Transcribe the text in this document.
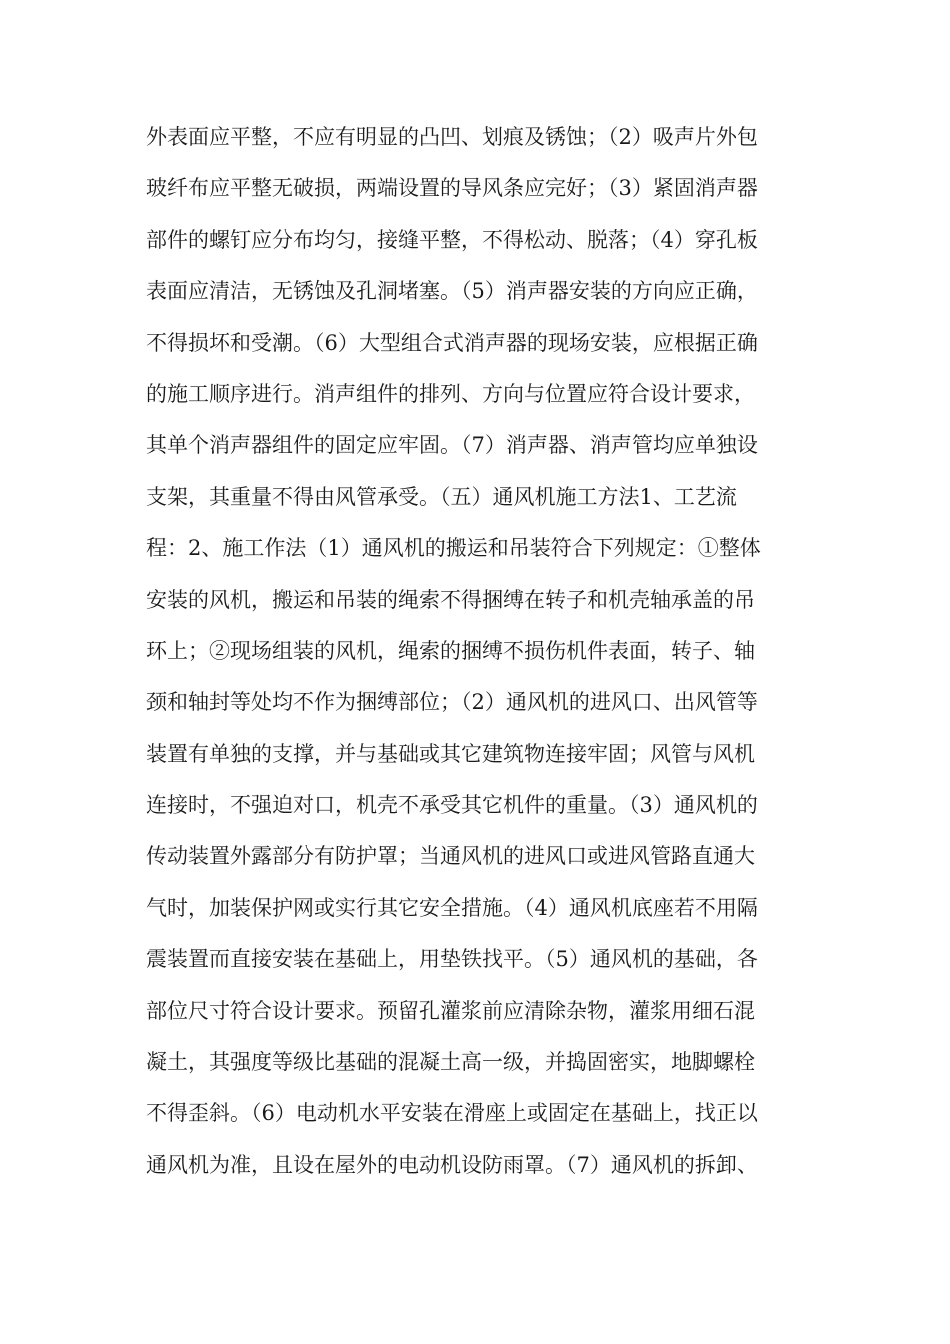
外表面应平整，不应有明显的凸凹、划痕及锈蚀；（2）吸声片外包
玻纤布应平整无破损，两端设置的导风条应完好；（3）紧固消声器
部件的螺钉应分布均匀，接缝平整，不得松动、脱落；（4）穿孔板
表面应清洁，无锈蚀及孔洞堵塞。（5）消声器安装的方向应正确，
不得损坏和受潮。（6）大型组合式消声器的现场安装，应根据正确
的施工顺序进行。消声组件的排列、方向与位置应符合设计要求，
其单个消声器组件的固定应牢固。（7）消声器、消声管均应单独设
支架，其重量不得由风管承受。（五）通风机施工方法1、工艺流
程：2、施工作法（1）通风机的搬运和吊装符合下列规定：①整体
安装的风机，搬运和吊装的绳索不得捆缚在转子和机壳轴承盖的吊
环上；②现场组装的风机，绳索的捆缚不损伤机件表面，转子、轴
颈和轴封等处均不作为捆缚部位；（2）通风机的进风口、出风管等
装置有单独的支撑，并与基础或其它建筑物连接牢固；风管与风机
连接时，不强迫对口，机壳不承受其它机件的重量。（3）通风机的
传动装置外露部分有防护罩；当通风机的进风口或进风管路直通大
气时，加装保护网或实行其它安全措施。（4）通风机底座若不用隔
震装置而直接安装在基础上，用垫铁找平。（5）通风机的基础，各
部位尺寸符合设计要求。预留孔灌浆前应清除杂物，灌浆用细石混
凝土，其强度等级比基础的混凝土高一级，并捣固密实，地脚螺栓
不得歪斜。（6）电动机水平安装在滑座上或固定在基础上，找正以
通风机为准，且设在屋外的电动机设防雨罩。（7）通风机的拆卸、
